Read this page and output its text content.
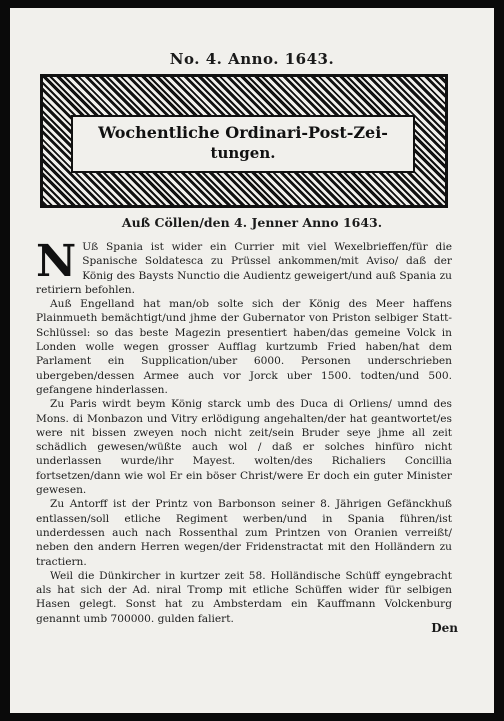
No. 4. Anno. 1643.
Wochentliche Ordinari-Post-Zei-
tungen.
Auß Cöllen/den 4. Jenner Anno 1643.

N Uß Spania ist wider ein Currier mit viel Wexelbrieffen/für die Spanische Soldatesca zu Prüssel ankommen/mit Aviso/ daß der König des Baysts Nunctio die Audientz geweigert/und auß Spania zu retiriern befohlen.

Auß Engelland hat man/ob solte sich der König des Meer haffens Plainmueth bemächtigt/und jhme der Gubernator von Priston selbiger Statt-Schlüssel: so das beste Magezin presentiert haben/das gemeine Volck in Londen wolle wegen grosser Aufflag kurtzumb Fried haben/hat dem Parlament ein Supplication/uber 6000. Personen underschrieben ubergeben/dessen Armee auch vor Jorck uber 1500. todten/und 500. gefangene hinderlassen.

Zu Paris wirdt beym König starck umb des Duca di Orliens/ umnd des Mons. di Monbazon und Vitry erlödigung angehalten/der hat geantwortet/es were nit bissen zweyen noch nicht zeit/sein Bruder seye jhme all zeit schädlich gewesen/wüßte auch wol / daß er solches hinfüro nicht underlassen wurde/ihr Mayest. wolten/des Richaliers Concillia fortsetzen/dann wie wol Er ein böser Christ/were Er doch ein guter Minister gewesen.

Zu Antorff ist der Printz von Barbonson seiner 8. Jährigen Gefänckhuß entlassen/soll etliche Regiment werben/und in Spania führen/ist underdessen auch nach Rossenthal zum Printzen von Oranien verreißt/ neben den andern Herren wegen/der Fridenstractat mit den Holländern zu tractiern.

Weil die Dünkircher in kurtzer zeit 58. Holländische Schüff eyngebracht als hat sich der Ad. niral Tromp mit etliche Schüffen wider für selbigen Hasen gelegt. Sonst hat zu Ambsterdam ein Kauffmann Volckenburg genannt umb 700000. gulden faliert.

Den
